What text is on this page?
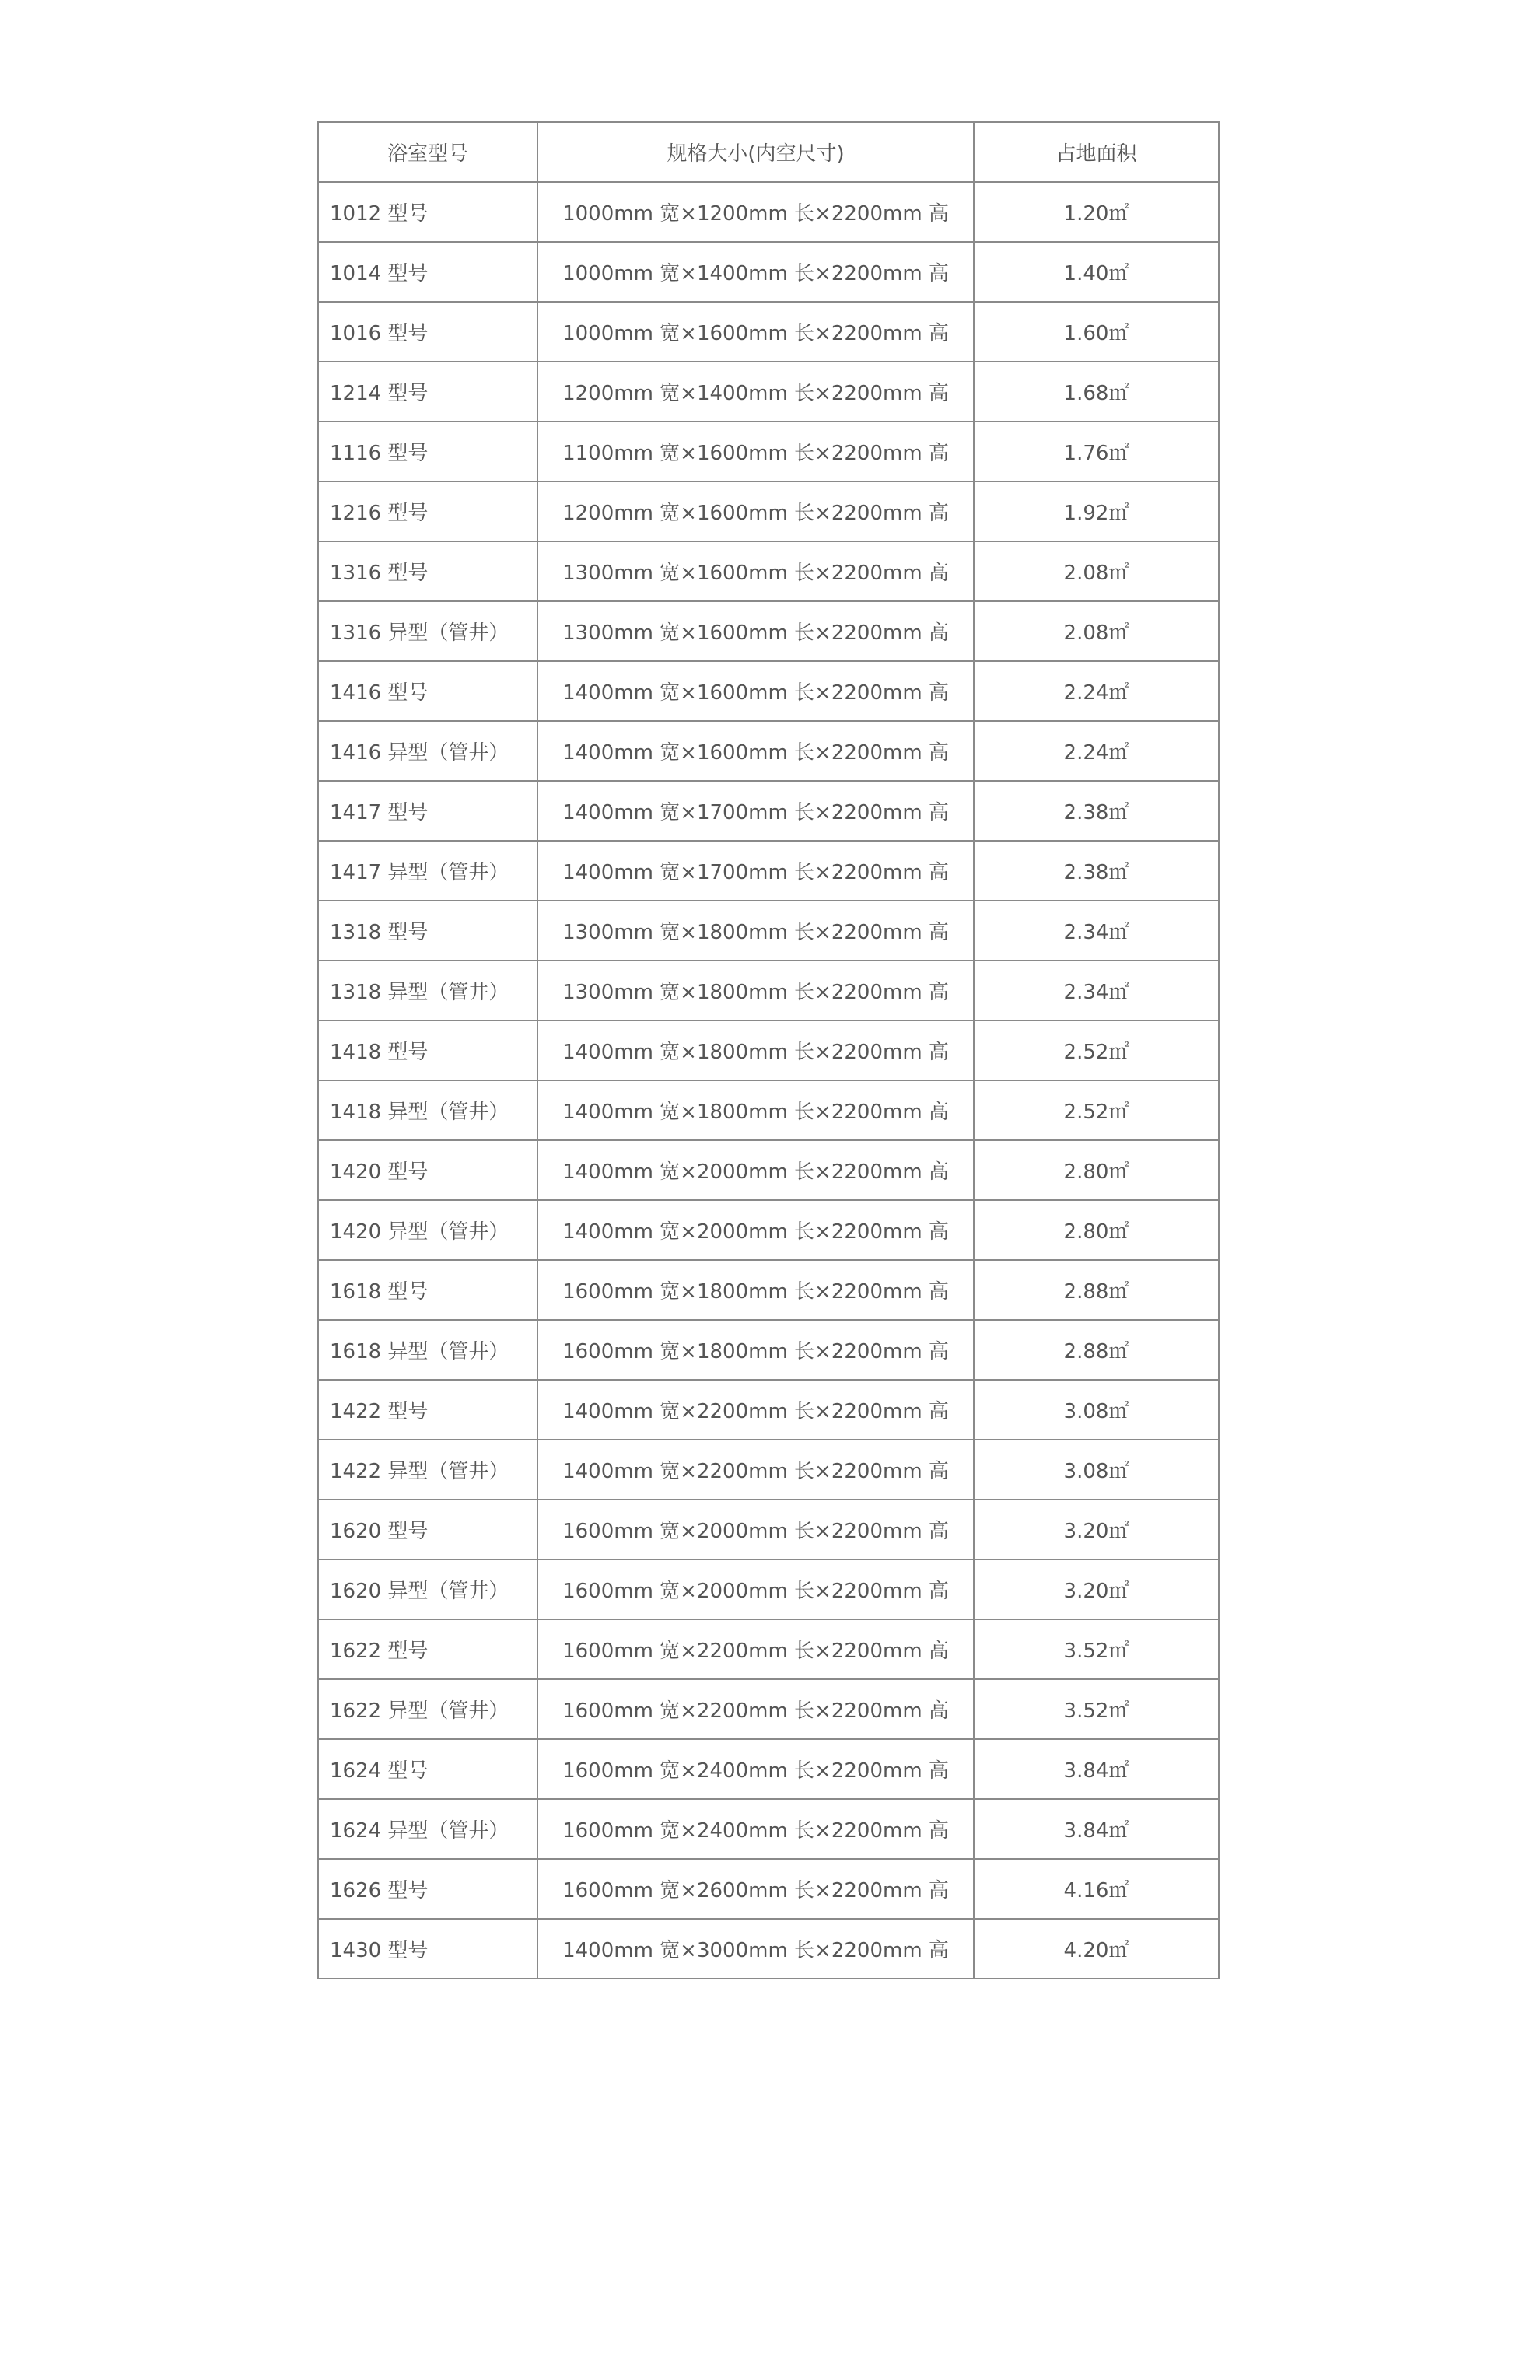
浴室型号	规格大小(内空尺寸)	占地面积
1012 型号	1000mm 宽×1200mm 长×2200mm 高	1.20㎡
1014 型号	1000mm 宽×1400mm 长×2200mm 高	1.40㎡
1016 型号	1000mm 宽×1600mm 长×2200mm 高	1.60㎡
1214 型号	1200mm 宽×1400mm 长×2200mm 高	1.68㎡
1116 型号	1100mm 宽×1600mm 长×2200mm 高	1.76㎡
1216 型号	1200mm 宽×1600mm 长×2200mm 高	1.92㎡
1316 型号	1300mm 宽×1600mm 长×2200mm 高	2.08㎡
1316 异型（管井）	1300mm 宽×1600mm 长×2200mm 高	2.08㎡
1416 型号	1400mm 宽×1600mm 长×2200mm 高	2.24㎡
1416 异型（管井）	1400mm 宽×1600mm 长×2200mm 高	2.24㎡
1417 型号	1400mm 宽×1700mm 长×2200mm 高	2.38㎡
1417 异型（管井）	1400mm 宽×1700mm 长×2200mm 高	2.38㎡
1318 型号	1300mm 宽×1800mm 长×2200mm 高	2.34㎡
1318 异型（管井）	1300mm 宽×1800mm 长×2200mm 高	2.34㎡
1418 型号	1400mm 宽×1800mm 长×2200mm 高	2.52㎡
1418 异型（管井）	1400mm 宽×1800mm 长×2200mm 高	2.52㎡
1420 型号	1400mm 宽×2000mm 长×2200mm 高	2.80㎡
1420 异型（管井）	1400mm 宽×2000mm 长×2200mm 高	2.80㎡
1618 型号	1600mm 宽×1800mm 长×2200mm 高	2.88㎡
1618 异型（管井）	1600mm 宽×1800mm 长×2200mm 高	2.88㎡
1422 型号	1400mm 宽×2200mm 长×2200mm 高	3.08㎡
1422 异型（管井）	1400mm 宽×2200mm 长×2200mm 高	3.08㎡
1620 型号	1600mm 宽×2000mm 长×2200mm 高	3.20㎡
1620 异型（管井）	1600mm 宽×2000mm 长×2200mm 高	3.20㎡
1622 型号	1600mm 宽×2200mm 长×2200mm 高	3.52㎡
1622 异型（管井）	1600mm 宽×2200mm 长×2200mm 高	3.52㎡
1624 型号	1600mm 宽×2400mm 长×2200mm 高	3.84㎡
1624 异型（管井）	1600mm 宽×2400mm 长×2200mm 高	3.84㎡
1626 型号	1600mm 宽×2600mm 长×2200mm 高	4.16㎡
1430 型号	1400mm 宽×3000mm 长×2200mm 高	4.20㎡
